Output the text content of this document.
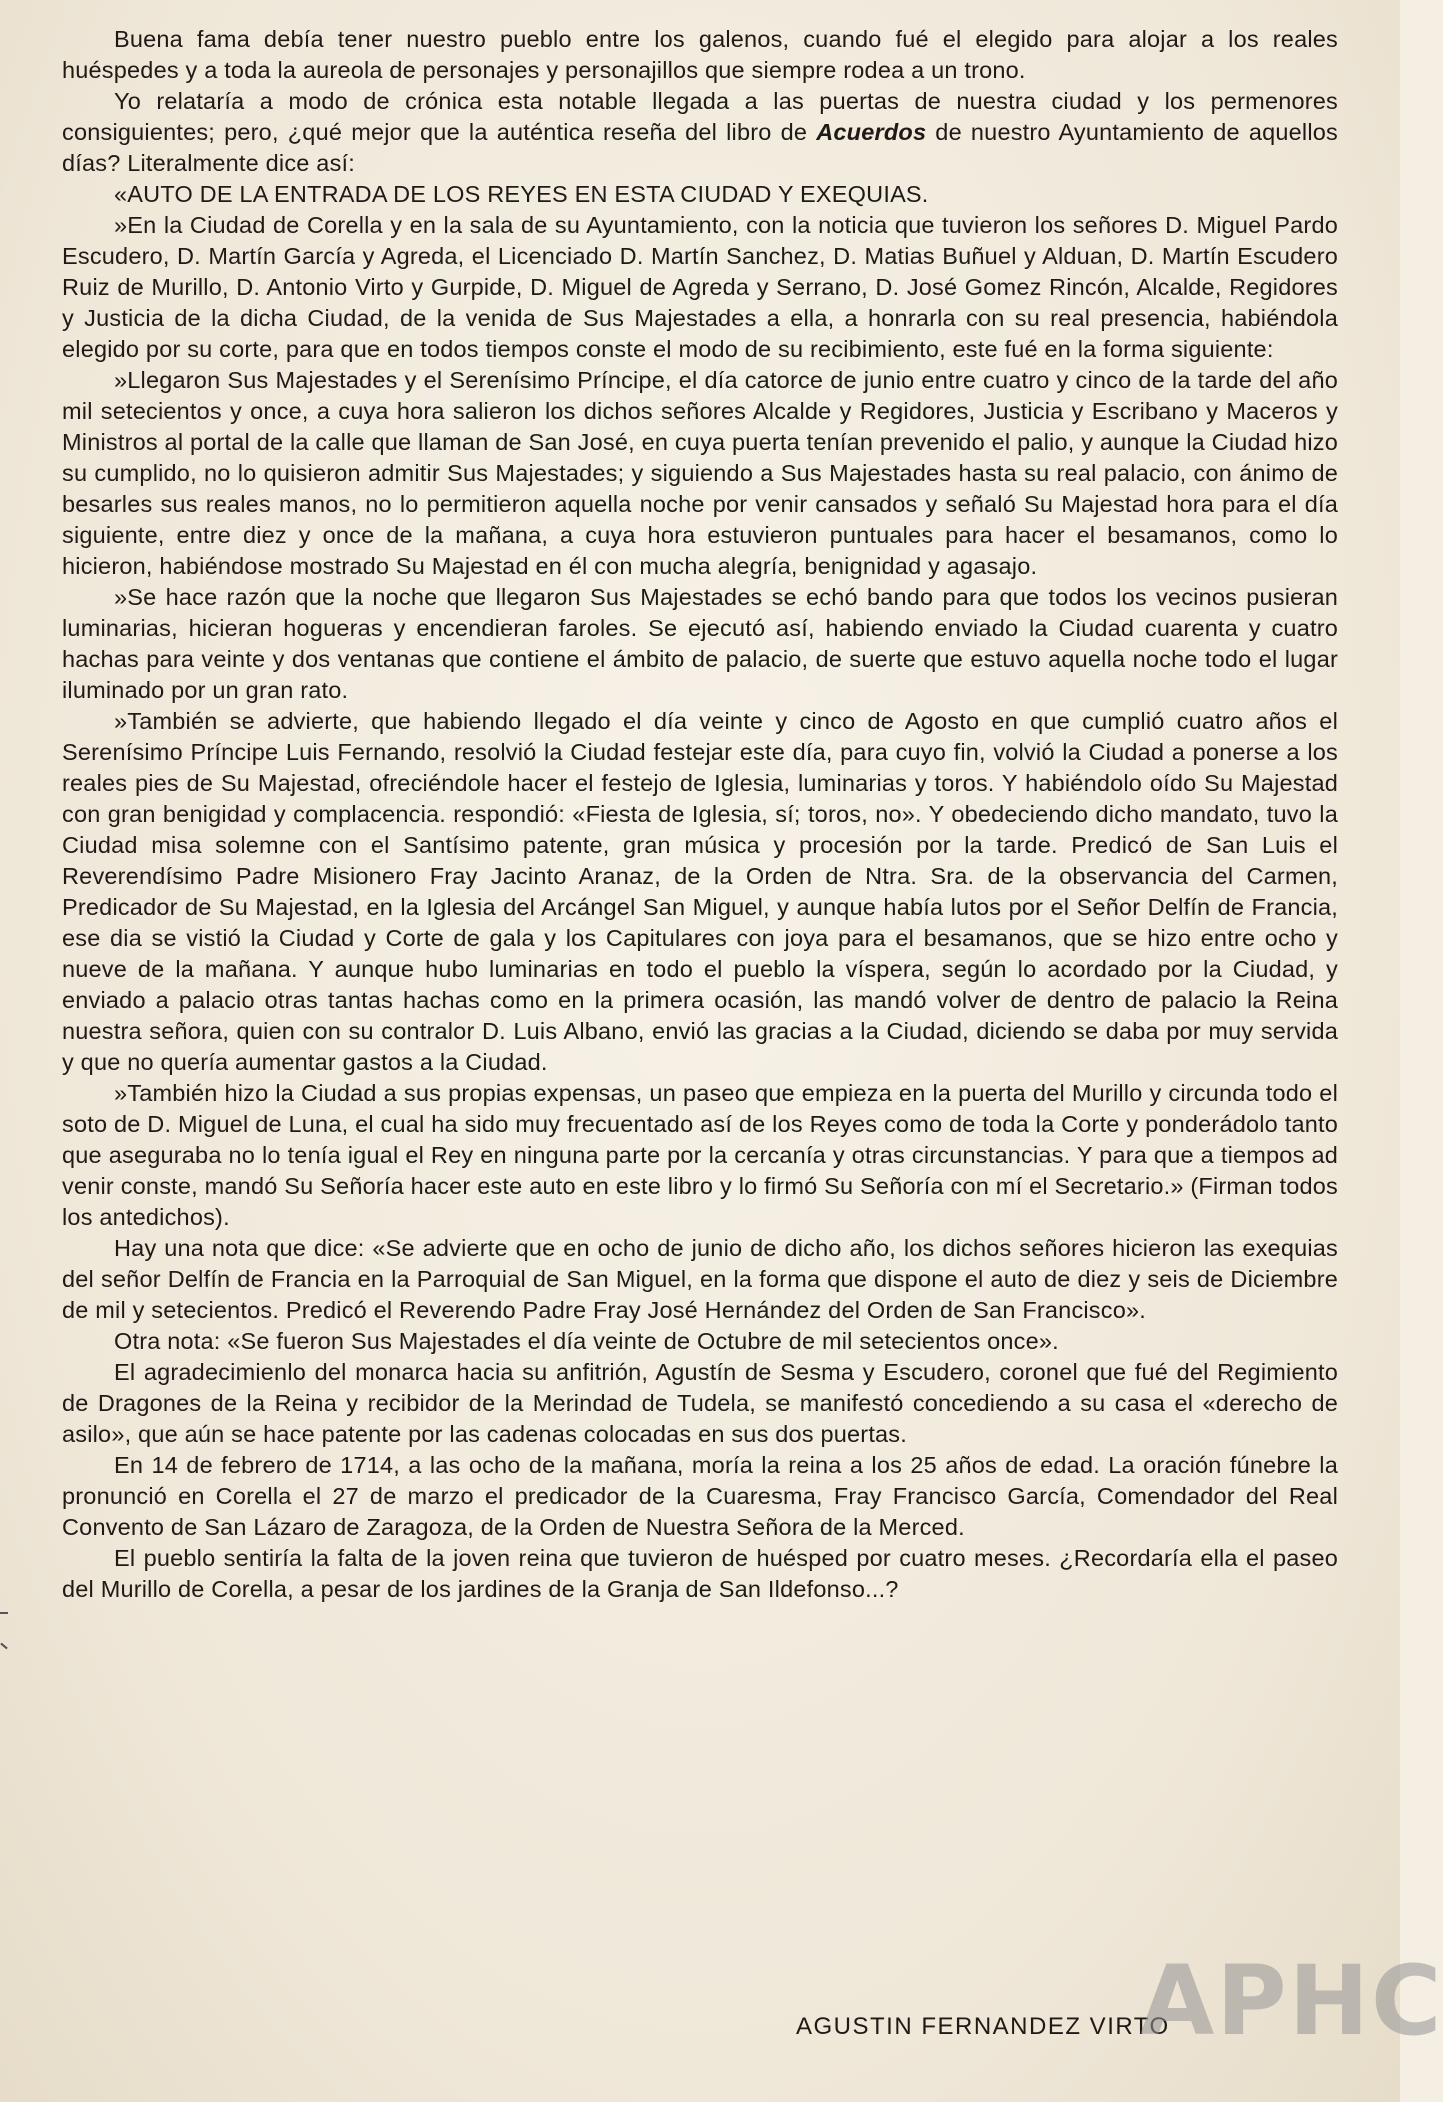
Buena fama debía tener nuestro pueblo entre los galenos, cuando fué el elegido para alojar a los reales huéspedes y a toda la aureola de personajes y personajillos que siempre rodea a un trono.

Yo relataría a modo de crónica esta notable llegada a las puertas de nuestra ciudad y los permenores consiguientes; pero, ¿qué mejor que la auténtica reseña del libro de Acuerdos de nuestro Ayuntamiento de aquellos días? Literalmente dice así:

«AUTO DE LA ENTRADA DE LOS REYES EN ESTA CIUDAD Y EXEQUIAS.

»En la Ciudad de Corella y en la sala de su Ayuntamiento, con la noticia que tuvieron los señores D. Miguel Pardo Escudero, D. Martín García y Agreda, el Licenciado D. Martín Sanchez, D. Matias Buñuel y Alduan, D. Martín Escudero Ruiz de Murillo, D. Antonio Virto y Gurpide, D. Miguel de Agreda y Serrano, D. José Gomez Rincón, Alcalde, Regidores y Justicia de la dicha Ciudad, de la venida de Sus Majestades a ella, a honrarla con su real presencia, habiéndola elegido por su corte, para que en todos tiempos conste el modo de su recibimiento, este fué en la forma siguiente:

»Llegaron Sus Majestades y el Serenísimo Príncipe, el día catorce de junio entre cuatro y cinco de la tarde del año mil setecientos y once, a cuya hora salieron los dichos señores Alcalde y Regidores, Justicia y Escribano y Maceros y Ministros al portal de la calle que llaman de San José, en cuya puerta tenían prevenido el palio, y aunque la Ciudad hizo su cumplido, no lo quisieron admitir Sus Majestades; y siguiendo a Sus Majestades hasta su real palacio, con ánimo de besarles sus reales manos, no lo permitieron aquella noche por venir cansados y señaló Su Majestad hora para el día siguiente, entre diez y once de la mañana, a cuya hora estuvieron puntuales para hacer el besamanos, como lo hicieron, habiéndose mostrado Su Majestad en él con mucha alegría, benignidad y agasajo.

»Se hace razón que la noche que llegaron Sus Majestades se echó bando para que todos los vecinos pusieran luminarias, hicieran hogueras y encendieran faroles. Se ejecutó así, habiendo enviado la Ciudad cuarenta y cuatro hachas para veinte y dos ventanas que contiene el ámbito de palacio, de suerte que estuvo aquella noche todo el lugar iluminado por un gran rato.

»También se advierte, que habiendo llegado el día veinte y cinco de Agosto en que cumplió cuatro años el Serenísimo Príncipe Luis Fernando, resolvió la Ciudad festejar este día, para cuyo fin, volvió la Ciudad a ponerse a los reales pies de Su Majestad, ofreciéndole hacer el festejo de Iglesia, luminarias y toros. Y habiéndolo oído Su Majestad con gran benigidad y complacencia. respondió: «Fiesta de Iglesia, sí; toros, no». Y obedeciendo dicho mandato, tuvo la Ciudad misa solemne con el Santísimo patente, gran música y procesión por la tarde. Predicó de San Luis el Reverendísimo Padre Misionero Fray Jacinto Aranaz, de la Orden de Ntra. Sra. de la observancia del Carmen, Predicador de Su Majestad, en la Iglesia del Arcángel San Miguel, y aunque había lutos por el Señor Delfín de Francia, ese dia se vistió la Ciudad y Corte de gala y los Capitulares con joya para el besamanos, que se hizo entre ocho y nueve de la mañana. Y aunque hubo luminarias en todo el pueblo la víspera, según lo acordado por la Ciudad, y enviado a palacio otras tantas hachas como en la primera ocasión, las mandó volver de dentro de palacio la Reina nuestra señora, quien con su contralor D. Luis Albano, envió las gracias a la Ciudad, diciendo se daba por muy servida y que no quería aumentar gastos a la Ciudad.

»También hizo la Ciudad a sus propias expensas, un paseo que empieza en la puerta del Murillo y circunda todo el soto de D. Miguel de Luna, el cual ha sido muy frecuentado así de los Reyes como de toda la Corte y ponderádolo tanto que aseguraba no lo tenía igual el Rey en ninguna parte por la cercanía y otras circunstancias. Y para que a tiempos ad venir conste, mandó Su Señoría hacer este auto en este libro y lo firmó Su Señoría con mí el Secretario.» (Firman todos los antedichos).

Hay una nota que dice: «Se advierte que en ocho de junio de dicho año, los dichos señores hicieron las exequias del señor Delfín de Francia en la Parroquial de San Miguel, en la forma que dispone el auto de diez y seis de Diciembre de mil y setecientos. Predicó el Reverendo Padre Fray José Hernández del Orden de San Francisco».

Otra nota: «Se fueron Sus Majestades el día veinte de Octubre de mil setecientos once».

El agradecimienlo del monarca hacia su anfitrión, Agustín de Sesma y Escudero, coronel que fué del Regimiento de Dragones de la Reina y recibidor de la Merindad de Tudela, se manifestó concediendo a su casa el «derecho de asilo», que aún se hace patente por las cadenas colocadas en sus dos puertas.

En 14 de febrero de 1714, a las ocho de la mañana, moría la reina a los 25 años de edad. La oración fúnebre la pronunció en Corella el 27 de marzo el predicador de la Cuaresma, Fray Francisco García, Comendador del Real Convento de San Lázaro de Zaragoza, de la Orden de Nuestra Señora de la Merced.

El pueblo sentiría la falta de la joven reina que tuvieron de huésped por cuatro meses. ¿Recordaría ella el paseo del Murillo de Corella, a pesar de los jardines de la Granja de San Ildefonso...?

AGUSTIN FERNANDEZ VIRTO
APHC
